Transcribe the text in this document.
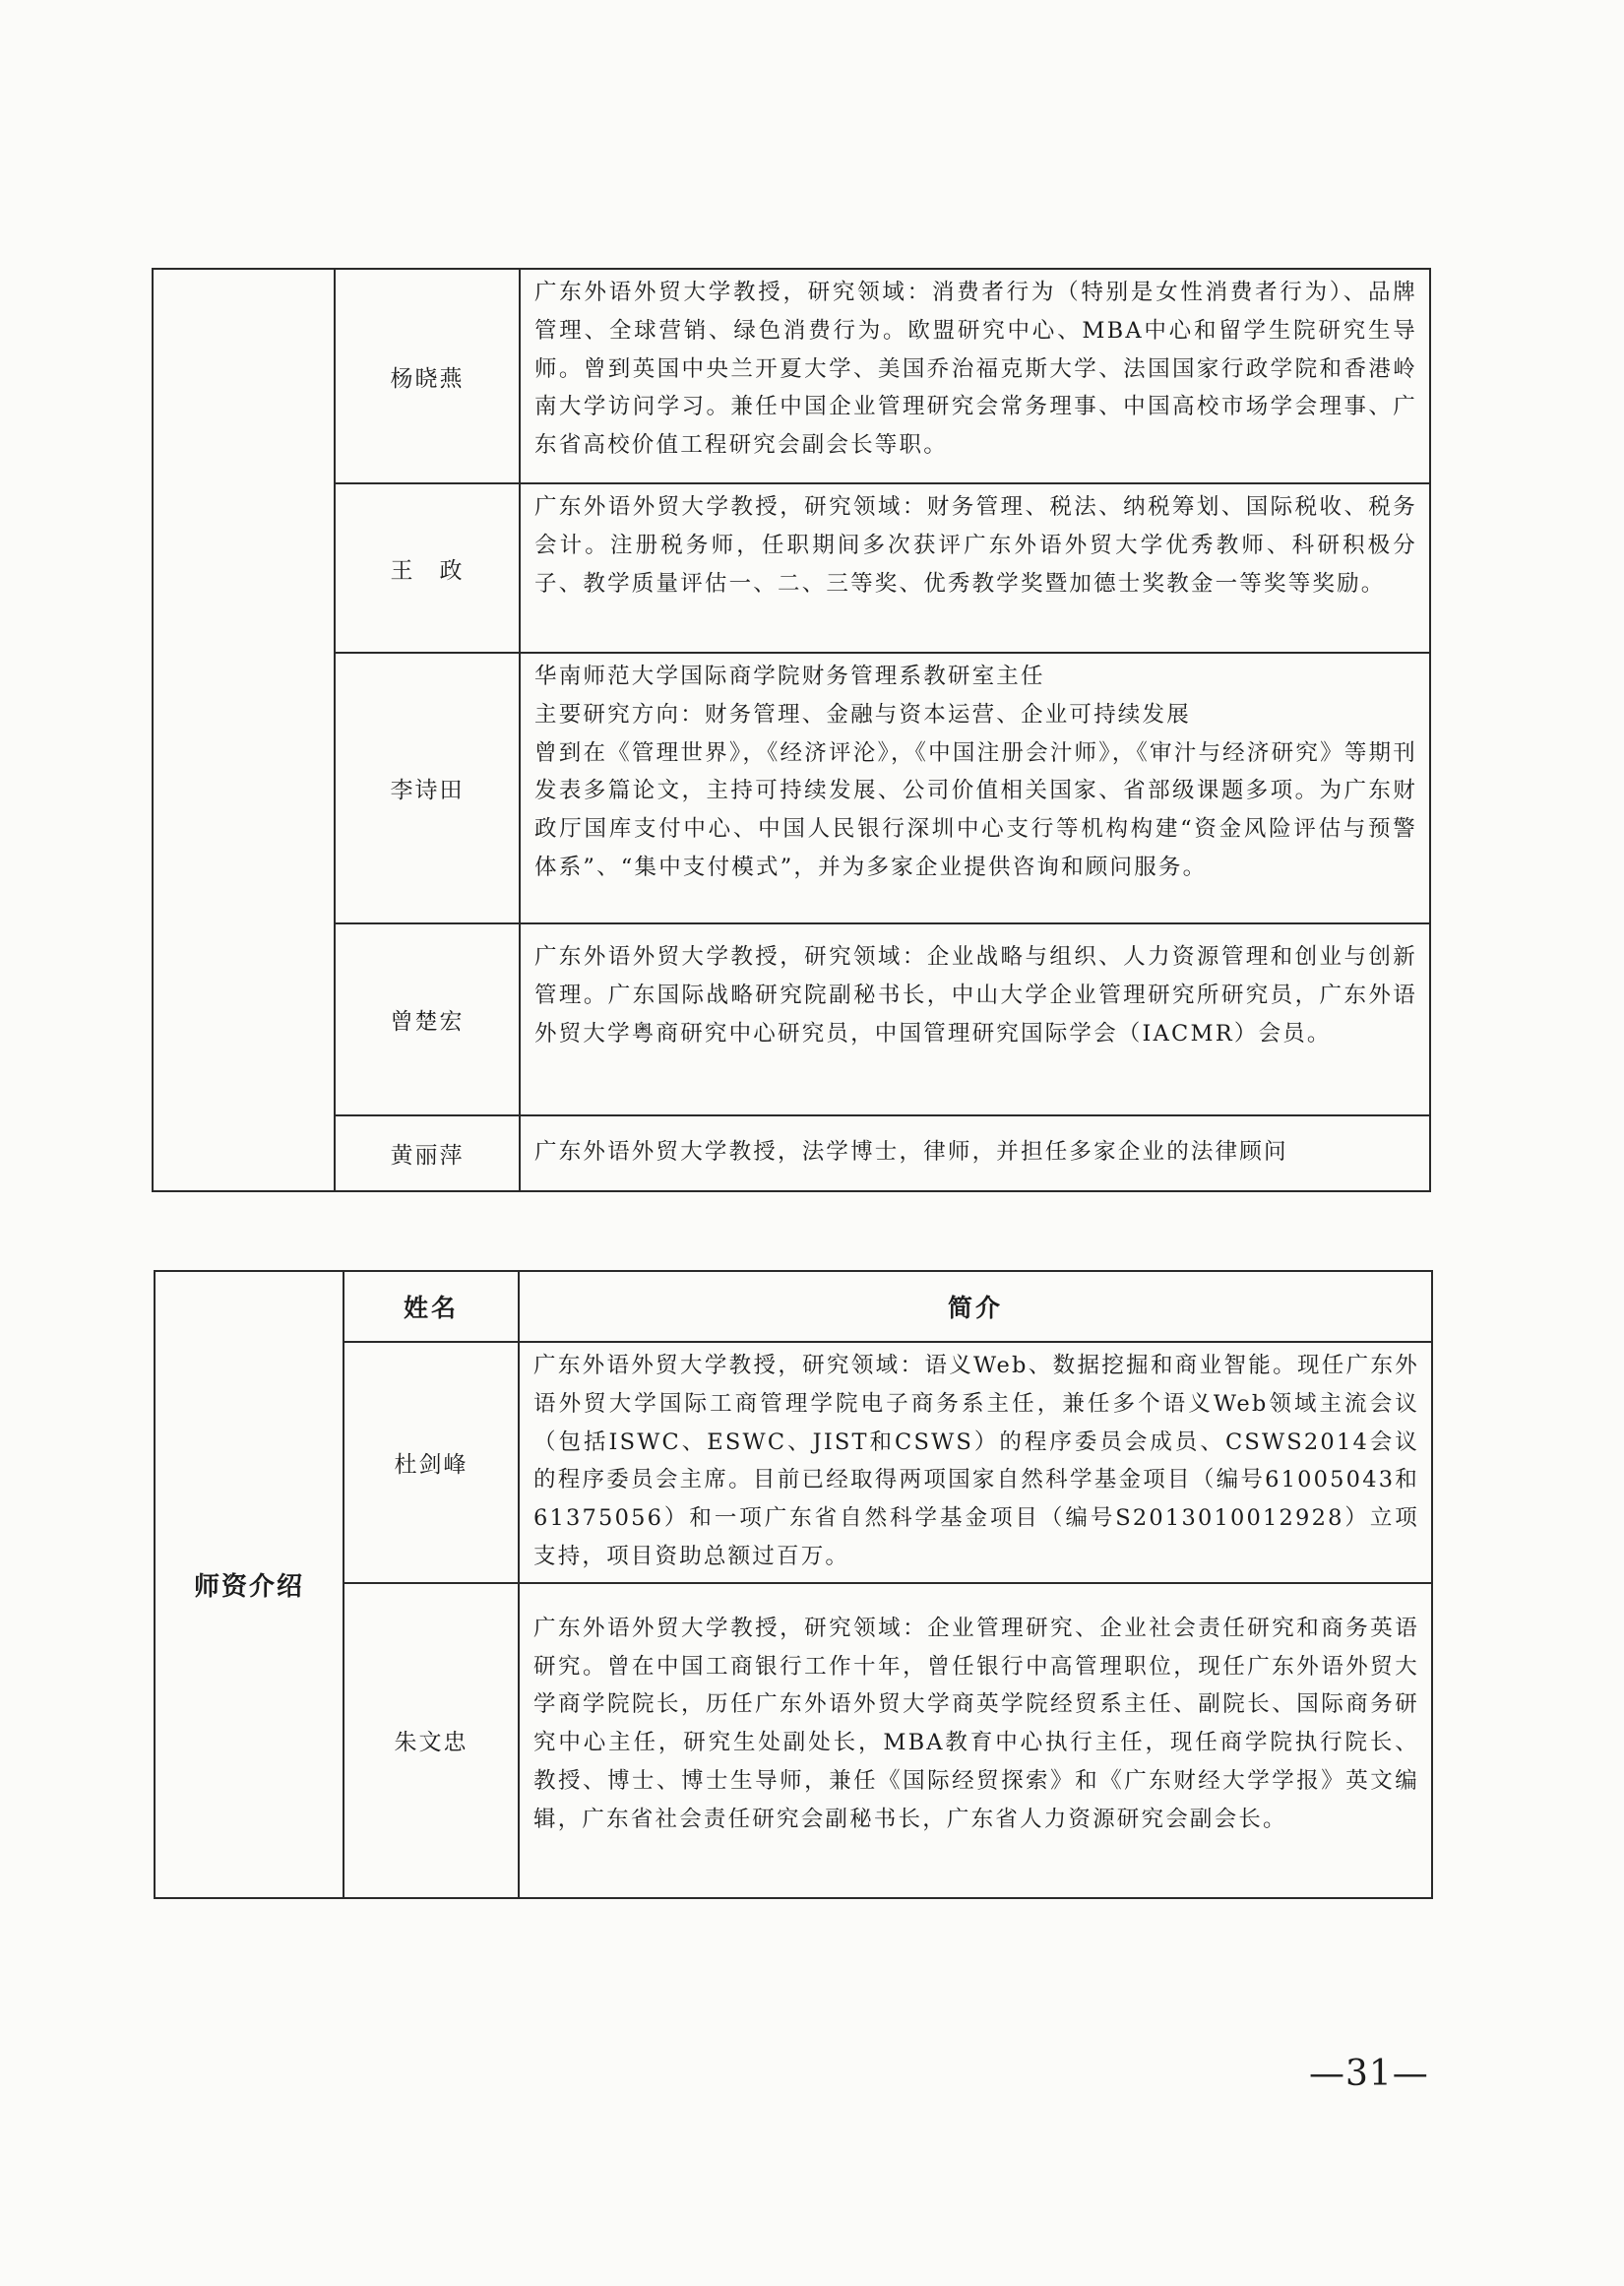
	杨晓燕	广东外语外贸大学教授，研究领域：消费者行为（特别是女性消费者行为）、品牌管理、全球营销、绿色消费行为。欧盟研究中心、MBA中心和留学生院研究生导师。曾到英国中央兰开夏大学、美国乔治福克斯大学、法国国家行政学院和香港岭南大学访问学习。兼任中国企业管理研究会常务理事、中国高校市场学会理事、广东省高校价值工程研究会副会长等职。
	王　政	广东外语外贸大学教授，研究领域：财务管理、税法、纳税筹划、国际税收、税务会计。注册税务师，任职期间多次获评广东外语外贸大学优秀教师、科研积极分子、教学质量评估一、二、三等奖、优秀教学奖暨加德士奖教金一等奖等奖励。
	李诗田	华南师范大学国际商学院财务管理系教研室主任
主要研究方向：财务管理、金融与资本运营、企业可持续发展
曾到在《管理世界》，《经济评沦》，《中国注册会汁师》，《审汁与经济研究》等期刊发表多篇论文，主持可持续发展、公司价值相关国家、省部级课题多项。为广东财政厅国库支付中心、中国人民银行深圳中心支行等机构构建“资金风险评估与预警体系”、“集中支付模式”，并为多家企业提供咨询和顾问服务。

	曾楚宏	广东外语外贸大学教授，研究领域：企业战略与组织、人力资源管理和创业与创新管理。广东国际战略研究院副秘书长，中山大学企业管理研究所研究员，广东外语外贸大学粤商研究中心研究员，中国管理研究国际学会（IACMR）会员。
	黄丽萍	广东外语外贸大学教授，法学博士，律师，并担任多家企业的法律顾问
师资介绍	姓名	简介
	杜剑峰	广东外语外贸大学教授，研究领域：语义Web、数据挖掘和商业智能。现任广东外语外贸大学国际工商管理学院电子商务系主任，兼任多个语义Web领域主流会议（包括ISWC、ESWC、JIST和CSWS）的程序委员会成员、CSWS2014会议的程序委员会主席。目前已经取得两项国家自然科学基金项目（编号61005043和61375056）和一项广东省自然科学基金项目（编号S2013010012928）立项支持，项目资助总额过百万。
	朱文忠	广东外语外贸大学教授，研究领域：企业管理研究、企业社会责任研究和商务英语研究。曾在中国工商银行工作十年，曾任银行中高管理职位，现任广东外语外贸大学商学院院长，历任广东外语外贸大学商英学院经贸系主任、副院长、国际商务研究中心主任，研究生处副处长，MBA教育中心执行主任，现任商学院执行院长、教授、博士、博士生导师，兼任《国际经贸探索》和《广东财经大学学报》英文编辑，广东省社会责任研究会副秘书长，广东省人力资源研究会副会长。
—31—
